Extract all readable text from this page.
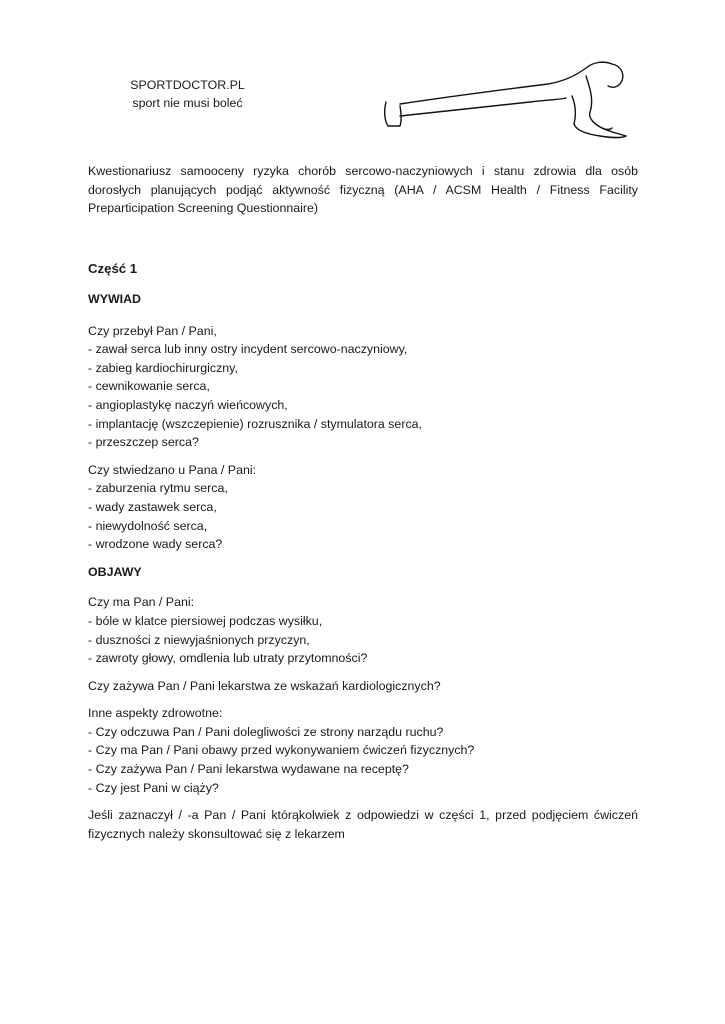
SPORTDOCTOR.PL
sport nie musi boleć

Kwestionariusz samooceny ryzyka chorób sercowo-naczyniowych i stanu zdrowia dla osób dorosłych planujących podjąć aktywność fizyczną (AHA / ACSM Health / Fitness Facility Preparticipation Screening Questionnaire)

Część 1

WYWIAD

Czy przebył Pan / Pani,

- zawał serca lub inny ostry incydent sercowo-naczyniowy,
- zabieg kardiochirurgiczny,
- cewnikowanie serca,
- angioplastykę naczyń wieńcowych,
- implantację (wszczepienie) rozrusznika / stymulatora serca,
- przeszczep serca?

Czy stwiedzano u Pana / Pani:

- zaburzenia rytmu serca,
- wady zastawek serca,
- niewydolność serca,
- wrodzone wady serca?

OBJAWY

Czy ma Pan / Pani:

- bóle w klatce piersiowej podczas wysiłku,
- duszności z niewyjaśnionych przyczyn,
- zawroty głowy, omdlenia lub utraty przytomności?

Czy zażywa Pan / Pani lekarstwa ze wskazań kardiologicznych?

Inne aspekty zdrowotne:

- Czy odczuwa Pan / Pani dolegliwości ze strony narządu ruchu?
- Czy ma Pan / Pani obawy przed wykonywaniem ćwiczeń fizycznych?
- Czy zażywa Pan / Pani lekarstwa wydawane na receptę?
- Czy jest Pani w ciąży?

Jeśli zaznaczył / -a Pan / Pani którąkolwiek z odpowiedzi w części 1, przed podjęciem ćwiczeń fizycznych należy skonsultować się z lekarzem
